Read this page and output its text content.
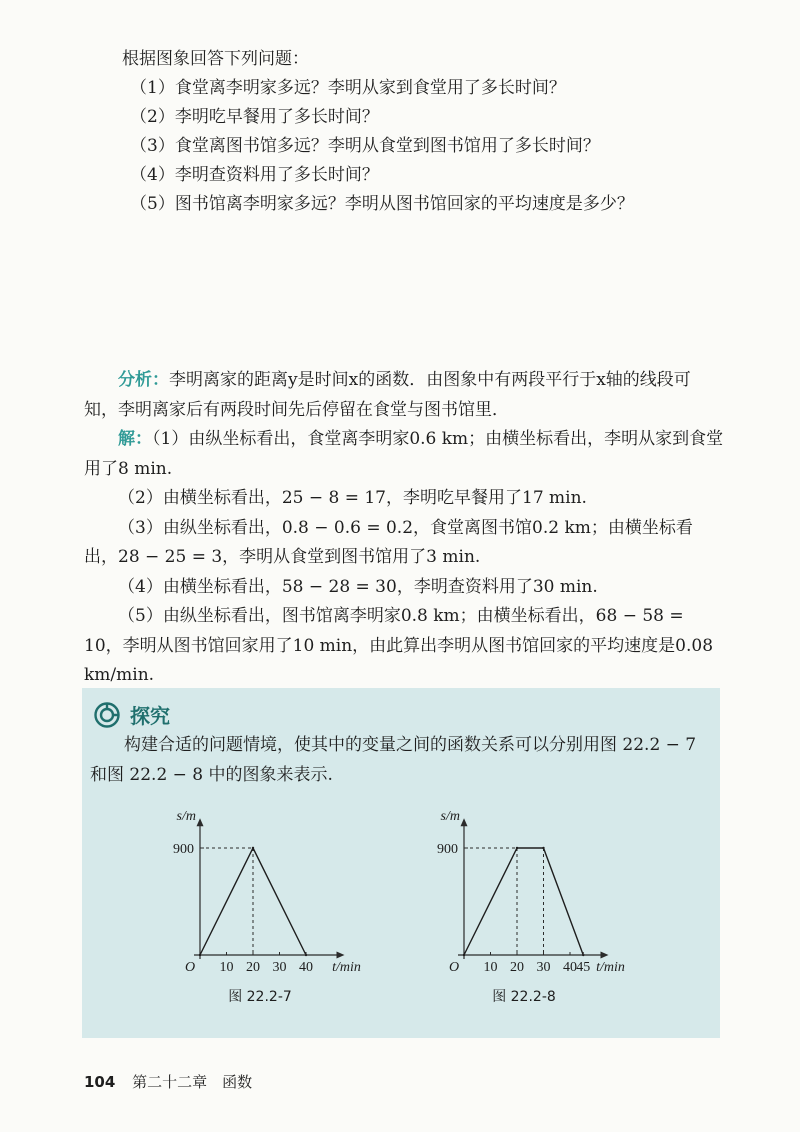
根据图象回答下列问题：
（1）食堂离李明家多远？李明从家到食堂用了多长时间？
（2）李明吃早餐用了多长时间？
（3）食堂离图书馆多远？李明从食堂到图书馆用了多长时间？
（4）李明查资料用了多长时间？
（5）图书馆离李明家多远？李明从图书馆回家的平均速度是多少？

分析：李明离家的距离y是时间x的函数．由图象中有两段平行于x轴的线段可知，李明离家后有两段时间先后停留在食堂与图书馆里．

解：（1）由纵坐标看出，食堂离李明家0.6 km；由横坐标看出，李明从家到食堂用了8 min.

（2）由横坐标看出，25 − 8 = 17，李明吃早餐用了17 min.

（3）由纵坐标看出，0.8 − 0.6 = 0.2，食堂离图书馆0.2 km；由横坐标看出，28 − 25 = 3，李明从食堂到图书馆用了3 min.

（4）由横坐标看出，58 − 28 = 30，李明查资料用了30 min.

（5）由纵坐标看出，图书馆离李明家0.8 km；由横坐标看出，68 − 58 = 10，李明从图书馆回家用了10 min，由此算出李明从图书馆回家的平均速度是0.08 km/min.

探究
构建合适的问题情境，使其中的变量之间的函数关系可以分别用图 22.2 − 7 和图 22.2 − 8 中的图象来表示.
900
10 20 30 40
O	t/min
s/m
图 22.2-7
900
10 20 30 40 45
O	t/min
s/m
图 22.2-8
104 第二十二章　函数
